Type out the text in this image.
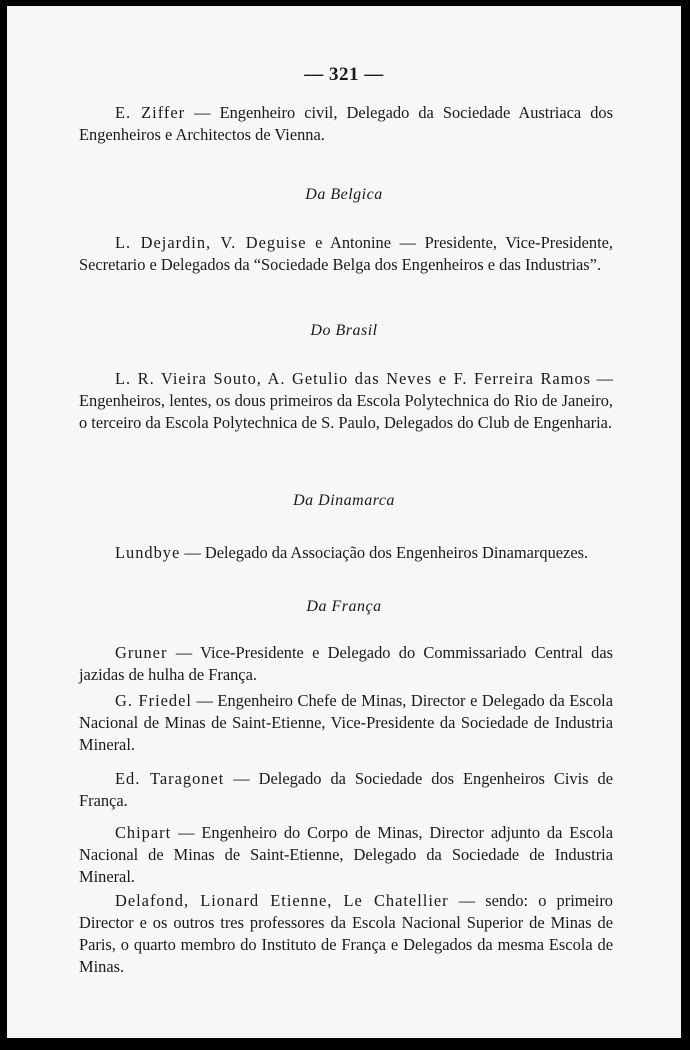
— 321 —

E. Ziffer — Engenheiro civil, Delegado da Sociedade Austriaca dos Engenheiros e Architectos de Vienna.

Da Belgica

L. Dejardin, V. Deguise e Antonine — Presidente, Vice-Presidente, Secretario e Delegados da “Sociedade Belga dos Engenheiros e das Industrias”.

Do Brasil

L. R. Vieira Souto, A. Getulio das Neves e F. Ferreira Ramos — Engenheiros, lentes, os dous primeiros da Escola Polytechnica do Rio de Janeiro, o terceiro da Escola Polytechnica de S. Paulo, Delegados do Club de Engenharia.

Da Dinamarca

Lundbye — Delegado da Associação dos Engenheiros Dinamarquezes.

Da França

Gruner — Vice-Presidente e Delegado do Commissariado Central das jazidas de hulha de França.

G. Friedel — Engenheiro Chefe de Minas, Director e Delegado da Escola Nacional de Minas de Saint-Etienne, Vice-Presidente da Sociedade de Industria Mineral.

Ed. Taragonet — Delegado da Sociedade dos Engenheiros Civis de França.

Chipart — Engenheiro do Corpo de Minas, Director adjunto da Escola Nacional de Minas de Saint-Etienne, Delegado da Sociedade de Industria Mineral.

Delafond, Lionard Etienne, Le Chatellier — sendo: o primeiro Director e os outros tres professores da Escola Nacional Superior de Minas de Paris, o quarto membro do Instituto de França e Delegados da mesma Escola de Minas.
